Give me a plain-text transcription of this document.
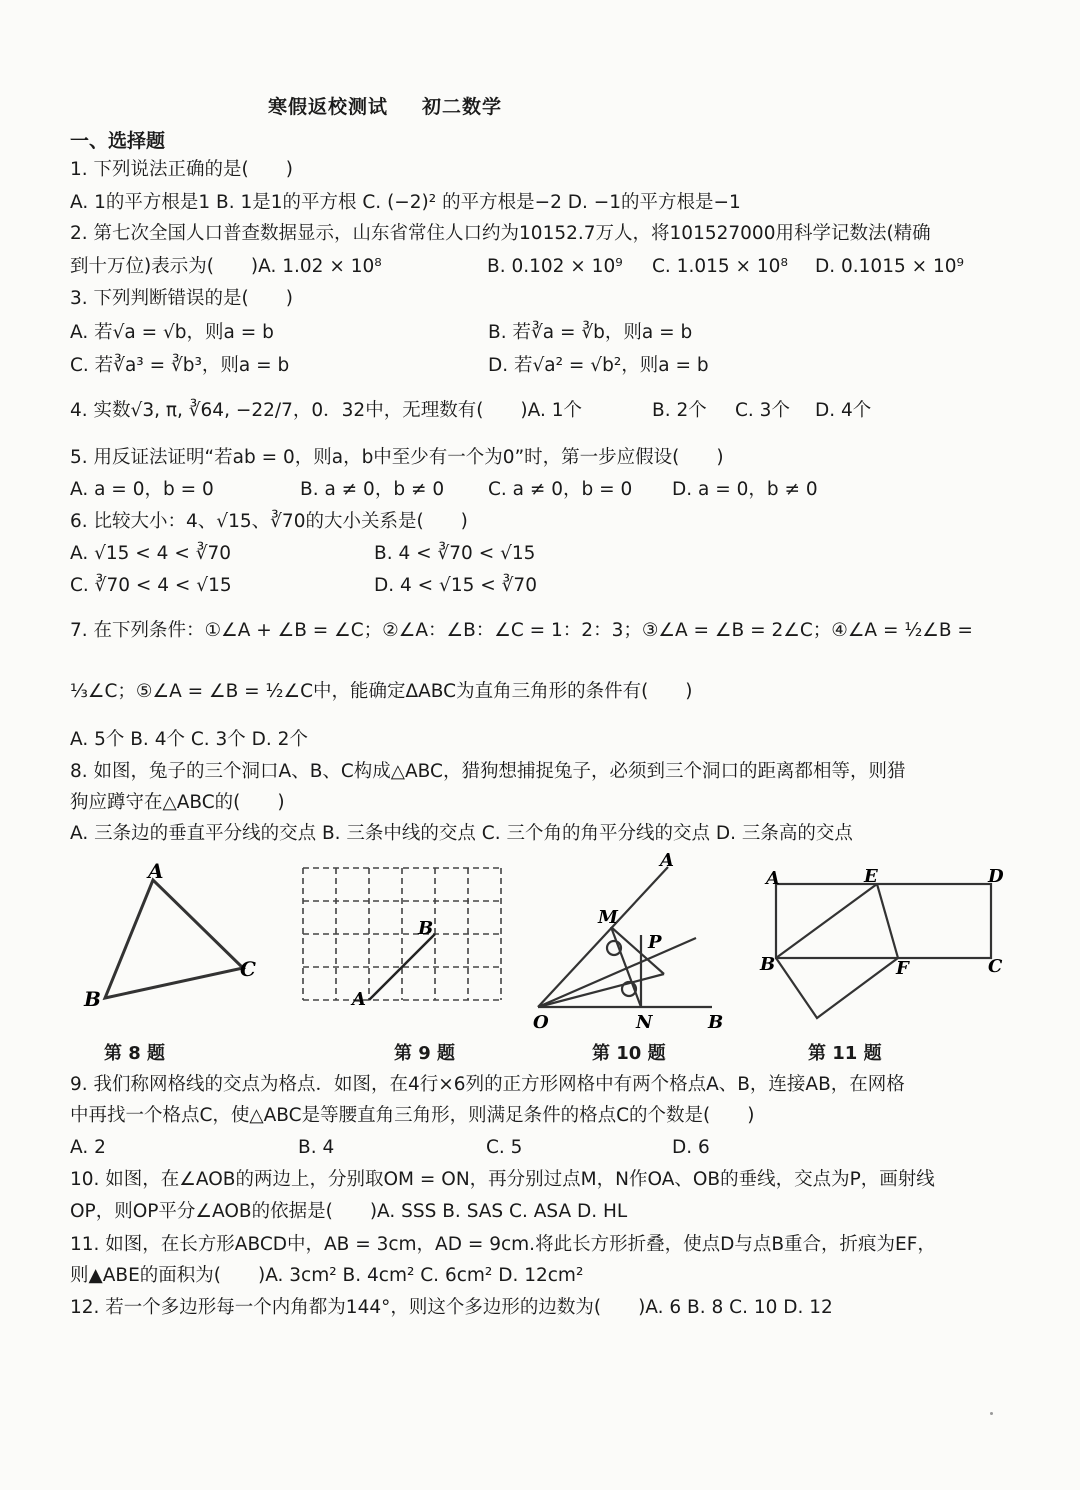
寒假返校测试 初二数学
一、选择题
1. 下列说法正确的是(　　)
A. 1的平方根是1 B. 1是1的平方根 C. (−2)² 的平方根是−2 D. −1的平方根是−1
2. 第七次全国人口普查数据显示，山东省常住人口约为10152.7万人，将101527000用科学记数法(精确
到十万位)表示为(　　)A. 1.02 × 10⁸	B. 0.102 × 10⁹ C. 1.015 × 10⁸ D. 0.1015 × 10⁹
3. 下列判断错误的是(　　)
A. 若√a = √b，则a = b	B. 若∛a = ∛b，则a = b
C. 若∛a³ = ∛b³，则a = b	D. 若√a² = √b²，则a = b
4. 实数√3, π, ∛64, −22/7，0．32中，无理数有(　　)A. 1个	B. 2个 C. 3个 D. 4个
5. 用反证法证明“若ab = 0，则a，b中至少有一个为0”时，第一步应假设(　　)
A. a = 0，b = 0	B. a ≠ 0，b ≠ 0 C. a ≠ 0，b = 0 D. a = 0，b ≠ 0
6. 比较大小：4、√15、∛70的大小关系是(　　)
A. √15 < 4 < ∛70	B. 4 < ∛70 < √15
C. ∛70 < 4 < √15	D. 4 < √15 < ∛70
7. 在下列条件：①∠A + ∠B = ∠C；②∠A：∠B：∠C = 1：2：3；③∠A = ∠B = 2∠C；④∠A = ½∠B =
⅓∠C；⑤∠A = ∠B = ½∠C中，能确定ΔABC为直角三角形的条件有(　　)
A. 5个 B. 4个 C. 3个 D. 2个
8. 如图，兔子的三个洞口A、B、C构成△ABC，猎狗想捕捉兔子，必须到三个洞口的距离都相等，则猎
狗应蹲守在△ABC的(　　)
A. 三条边的垂直平分线的交点 B. 三条中线的交点 C. 三个角的角平分线的交点 D. 三条高的交点
A
B
C
A
B
A
M
P
O	N	B
A	E	D
B	F	C
第 8 题	第 9 题	第 10 题	第 11 题
9. 我们称网格线的交点为格点．如图，在4行×6列的正方形网格中有两个格点A、B，连接AB，在网格
中再找一个格点C，使△ABC是等腰直角三角形，则满足条件的格点C的个数是(　　)
A. 2	B. 4	C. 5	D. 6
10. 如图，在∠AOB的两边上，分别取OM = ON，再分别过点M，N作OA、OB的垂线，交点为P，画射线
OP，则OP平分∠AOB的依据是(　　)A. SSS B. SAS C. ASA D. HL
11. 如图，在长方形ABCD中，AB = 3cm，AD = 9cm.将此长方形折叠，使点D与点B重合，折痕为EF，
则▲ABE的面积为(　　)A. 3cm² B. 4cm² C. 6cm² D. 12cm²
12. 若一个多边形每一个内角都为144°，则这个多边形的边数为(　　)A. 6 B. 8 C. 10 D. 12
